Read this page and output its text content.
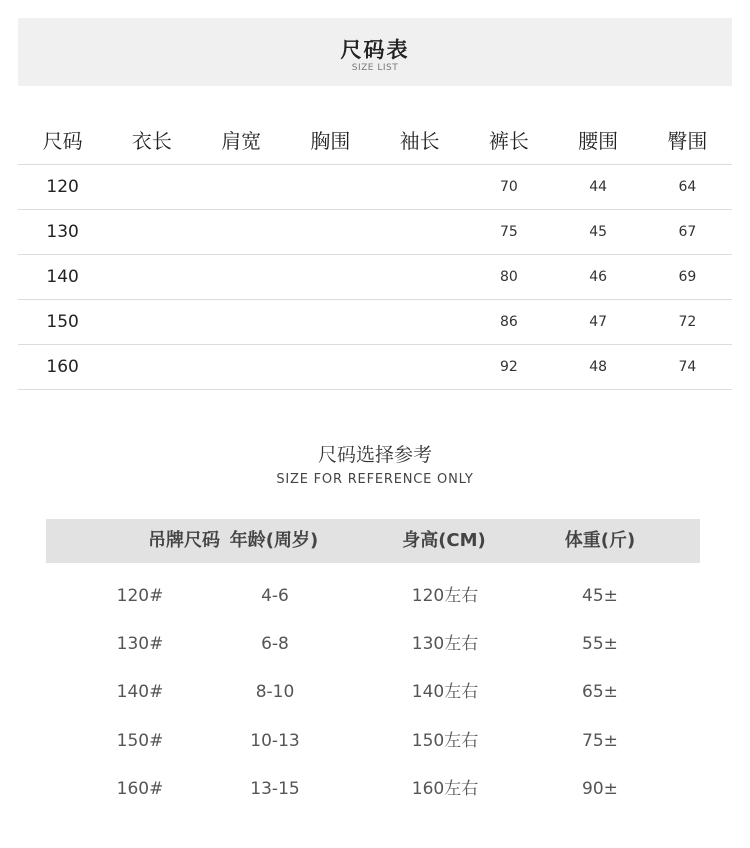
尺码表
SIZE LIST
尺码	衣长	肩宽	胸围	袖长	裤长	腰围	臀围
120					70	44	64
130					75	45	67
140					80	46	69
150					86	47	72
160					92	48	74
尺码选择参考
SIZE FOR REFERENCE ONLY
吊牌尺码 年龄(周岁)	身高(CM)	体重(斤)
120#	4-6	120左右	45±
130#	6-8	130左右	55±
140#	8-10	140左右	65±
150#	10-13	150左右	75±
160#	13-15	160左右	90±
